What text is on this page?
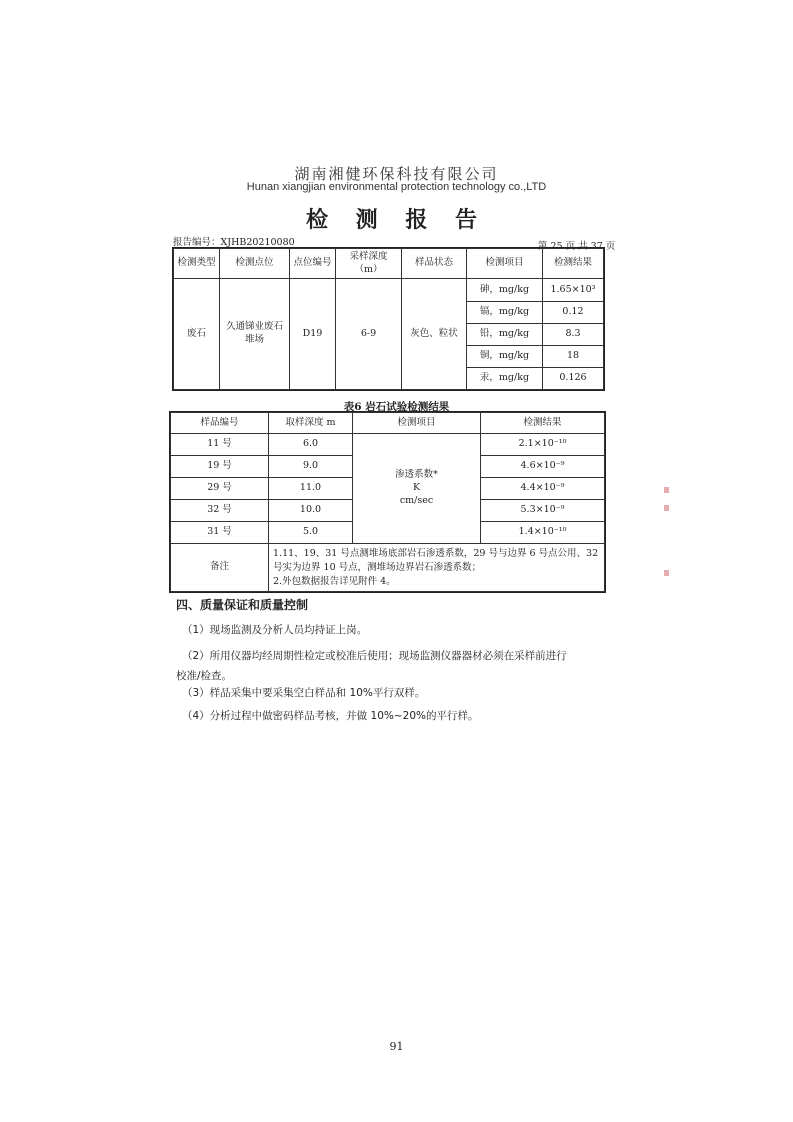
湖南湘健环保科技有限公司
Hunan xiangjian environmental protection technology co.,LTD
检 测 报 告
报告编号：XJHB20210080	第 25 页 共 37 页
检测类型	检测点位	点位编号	采样深度（m）	样品状态	检测项目	检测结果
废石	久通锑业废石堆场	D19	6-9	灰色、粒状	砷，mg/kg	1.65×10³
					镉，mg/kg	0.12
					铅，mg/kg	8.3
					铜，mg/kg	18
					汞，mg/kg	0.126
表6 岩石试验检测结果
样品编号	取样深度 m	检测项目	检测结果
11 号	6.0	渗透系数*
K
cm/sec	2.1×10⁻¹⁰
19 号	9.0		4.6×10⁻⁹
29 号	11.0		4.4×10⁻⁹
32 号	10.0		5.3×10⁻⁹
31 号	5.0		1.4×10⁻¹⁰
备注	1.11、19、31 号点测堆场底部岩石渗透系数，29 号与边界 6 号点公用、32 号实为边界 10 号点，测堆场边界岩石渗透系数；
2.外包数据报告详见附件 4。		
四、质量保证和质量控制
（1）现场监测及分析人员均持证上岗。
（2）所用仪器均经周期性检定或校准后使用；现场监测仪器器材必须在采样前进行
校准/检查。
（3）样品采集中要采集空白样品和 10%平行双样。
（4）分析过程中做密码样品考核，并做 10%~20%的平行样。
91
